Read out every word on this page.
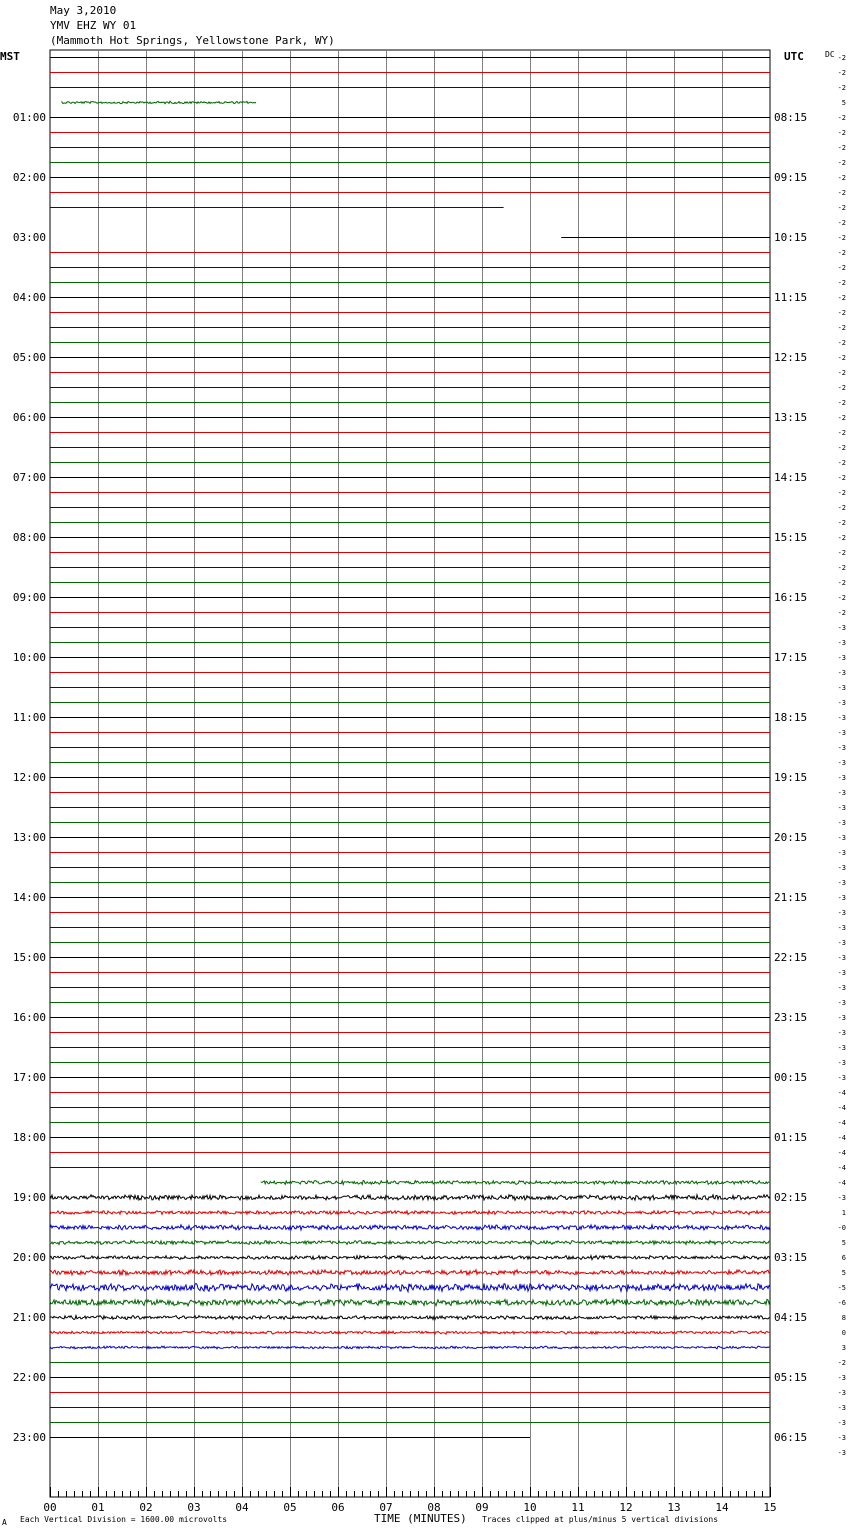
01:00
02:00
03:00
04:00
05:00
06:00
07:00
08:00
09:00
10:00
11:00
12:00
13:00
14:00
15:00
16:00
17:00
18:00
19:00
20:00
21:00
22:00
23:00
08:15
09:15
10:15
11:15
12:15
13:15
14:15
15:15
16:15
17:15
18:15
19:15
20:15
21:15
22:15
23:15
00:15
01:15
02:15
03:15
04:15
05:15
06:15
-2
-2
-2
5
-2
-2
-2
-2
-2
-2
-2
-2
-2
-2
-2
-2
-2
-2
-2
-2
-2
-2
-2
-2
-2
-2
-2
-2
-2
-2
-2
-2
-2
-2
-2
-2
-2
-2
-3
-3
-3
-3
-3
-3
-3
-3
-3
-3
-3
-3
-3
-3
-3
-3
-3
-3
-3
-3
-3
-3
-3
-3
-3
-3
-3
-3
-3
-3
-3
-4
-4
-4
-4
-4
-4
-4
-3
1
-0
5
6
5
-5
-6
8
0
3
-2
-3
-3
-3
-3
-3
-3
00	01	02	03	04	05	06	07	08	09	10	11	12	13	14	15
May 3,2010
YMV EHZ WY 01
(Mammoth Hot Springs, Yellowstone Park, WY)
MST	UTC	DC
A Each Vertical Division = 1600.00 microvolts	TIME (MINUTES) Traces clipped at plus/minus 5 vertical divisions
